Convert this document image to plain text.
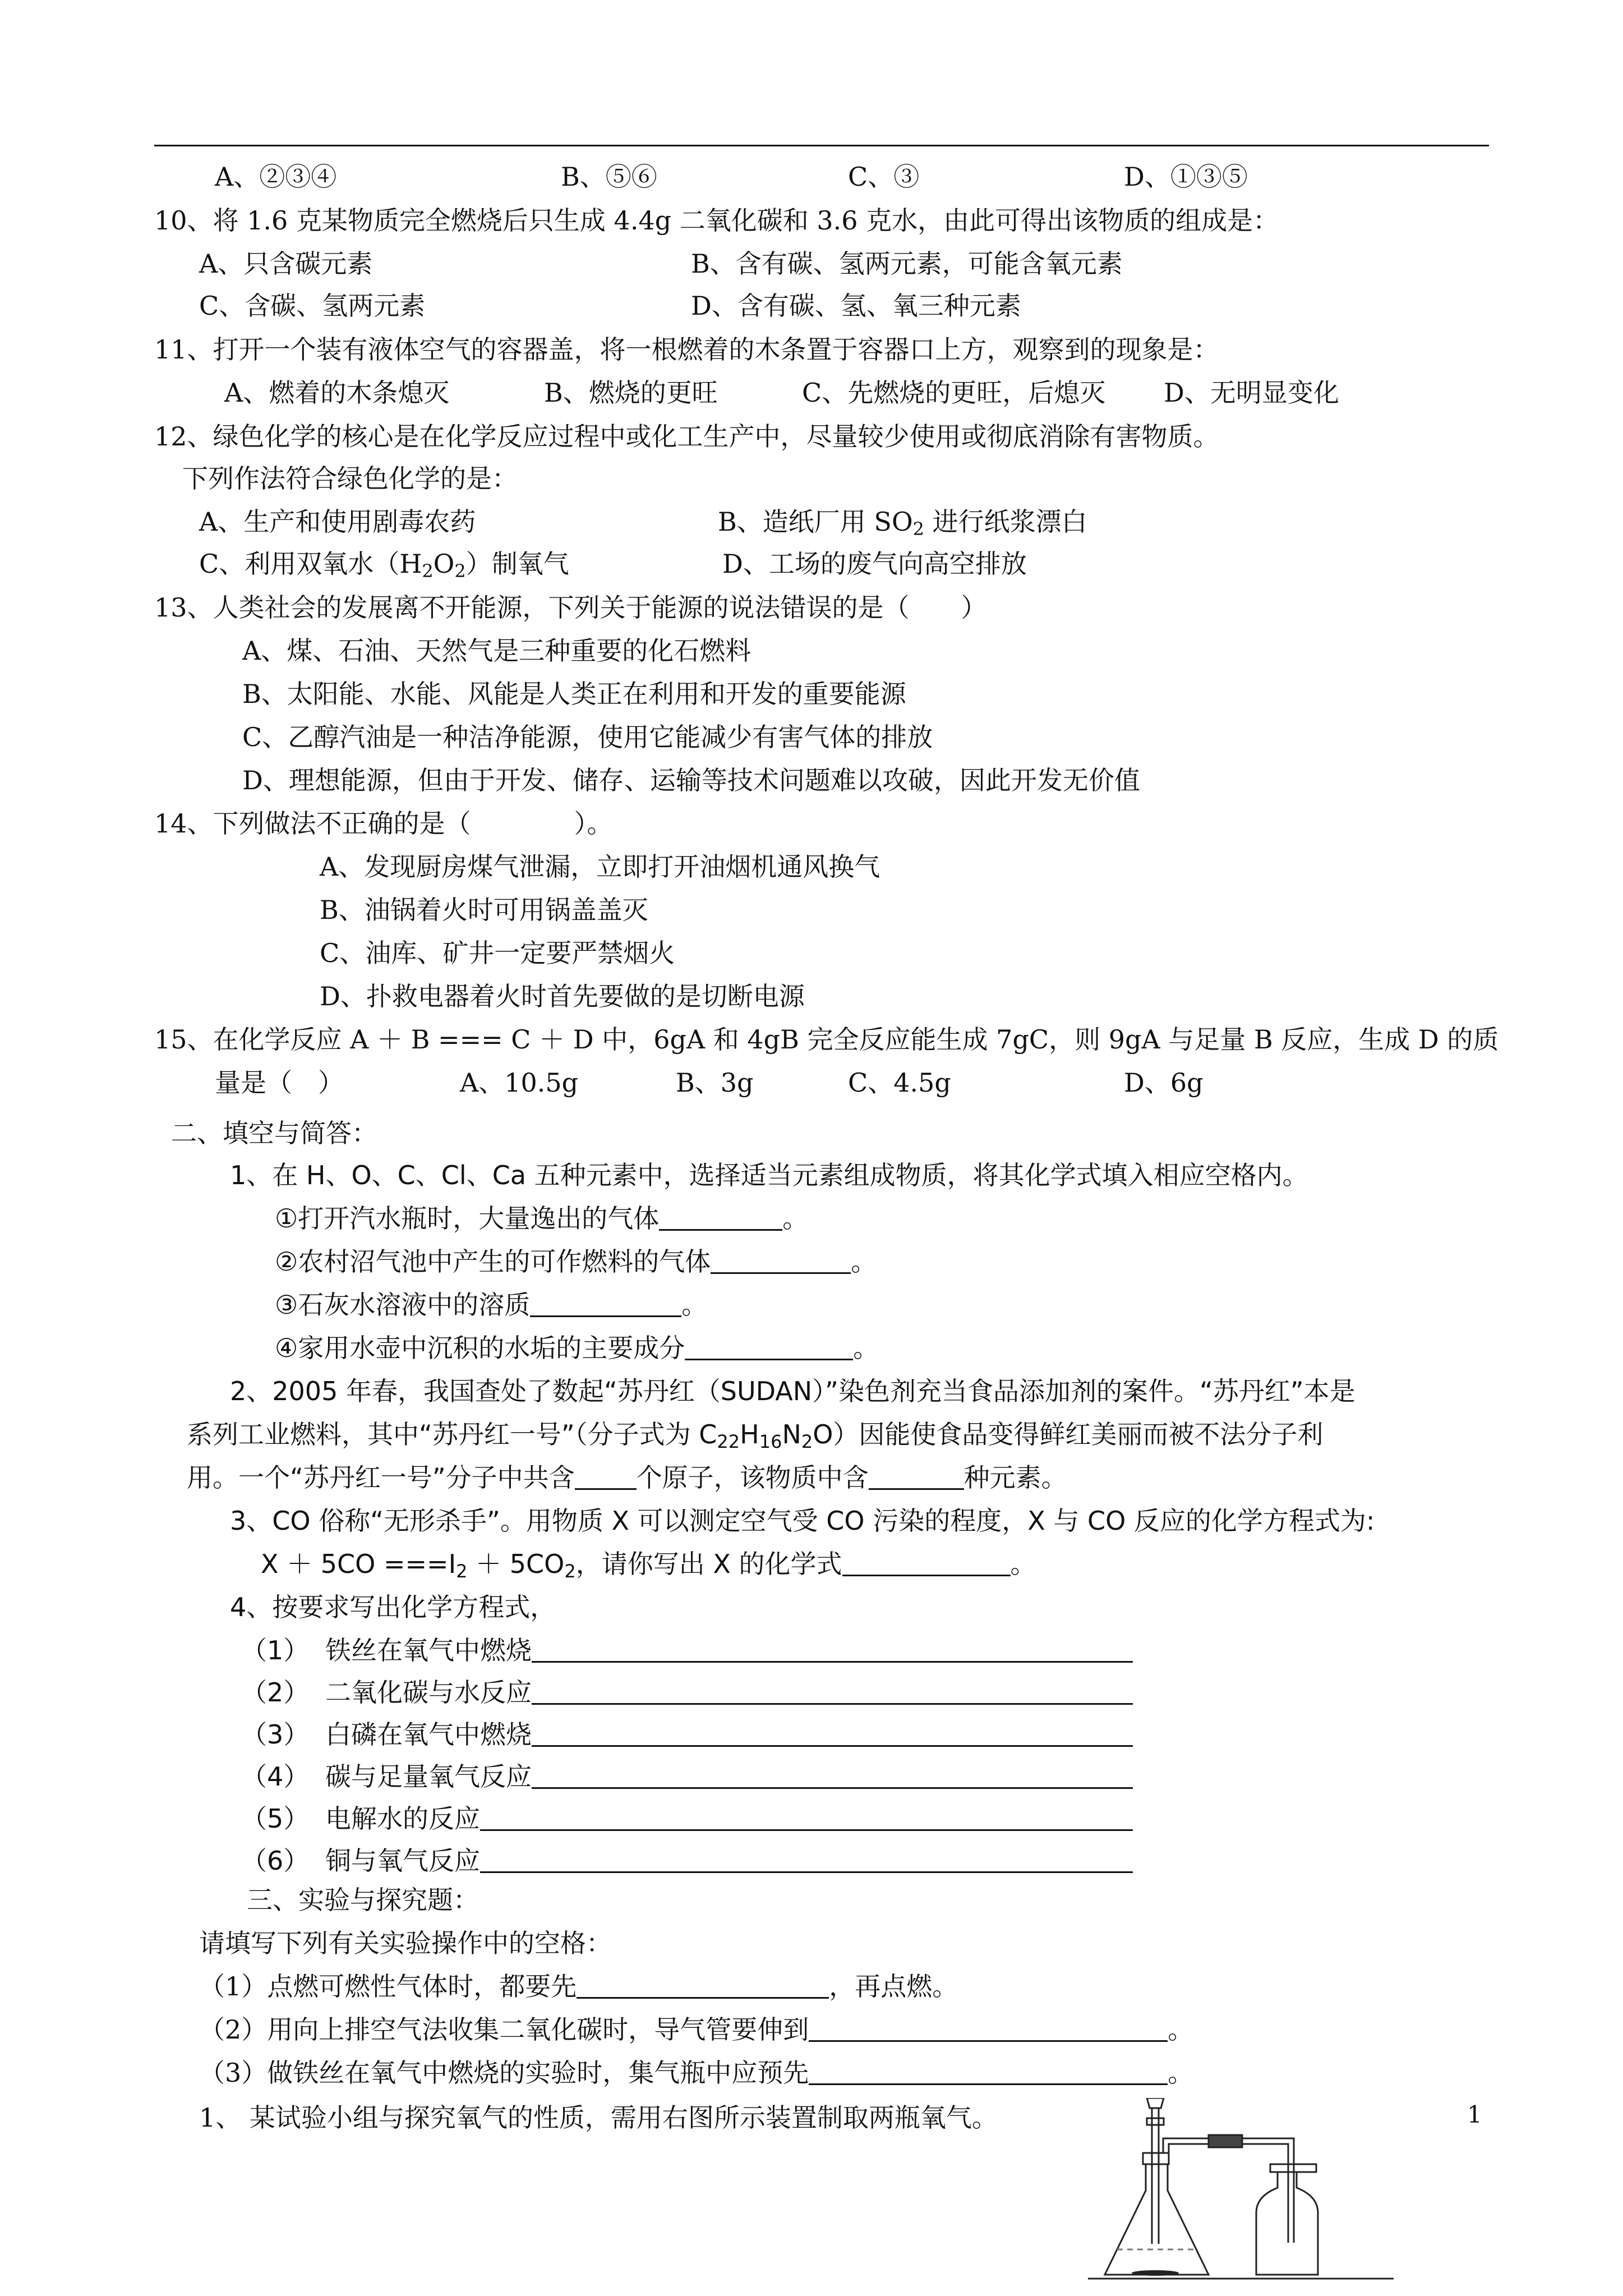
A、②③④	B、⑤⑥	C、③	D、①③⑤
10、将 1.6 克某物质完全燃烧后只生成 4.4g 二氧化碳和 3.6 克水，由此可得出该物质的组成是：
A、只含碳元素	B、含有碳、氢两元素，可能含氧元素
C、含碳、氢两元素	D、含有碳、氢、氧三种元素
11、打开一个装有液体空气的容器盖，将一根燃着的木条置于容器口上方，观察到的现象是：
A、燃着的木条熄灭	B、燃烧的更旺	C、先燃烧的更旺，后熄灭 D、无明显变化
12、绿色化学的核心是在化学反应过程中或化工生产中，尽量较少使用或彻底消除有害物质。
下列作法符合绿色化学的是：
A、生产和使用剧毒农药	B、造纸厂用 $SO_2$ 进行纸浆漂白
C、利用双氧水$(H_2O_2)$制氧气	D、工场的废气向高空排放
13、人类社会的发展离不开能源，下列关于能源的说法错误的是（　　）
A、煤、石油、天然气是三种重要的化石燃料
B、太阳能、水能、风能是人类正在利用和开发的重要能源
C、乙醇汽油是一种洁净能源，使用它能减少有害气体的排放
D、理想能源，但由于开发、储存、运输等技术问题难以攻破，因此开发无价值
14、下列做法不正确的是（　　　　）。
A、发现厨房煤气泄漏，立即打开油烟机通风换气
B、油锅着火时可用锅盖盖灭
C、油库、矿井一定要严禁烟火
D、扑救电器着火时首先要做的是切断电源
15、在化学反应 A ＋ B === C ＋ D 中，6gA 和 4gB 完全反应能生成 7gC，则 9gA 与足量 B 反应，生成 D 的质
量是（　）	A、10.5g	B、3g	C、4.5g	D、6g
二、填空与简答：
1、在 H、O、C、Cl、Ca 五种元素中，选择适当元素组成物质，将其化学式填入相应空格内。
①打开汽水瓶时，大量逸出的气体	。
②农村沼气池中产生的可作燃料的气体	。
③石灰水溶液中的溶质	。
④家用水壶中沉积的水垢的主要成分	。
2、2005 年春，我国查处了数起“苏丹红（SUDAN）”染色剂充当食品添加剂的案件。“苏丹红”本是
系列工业燃料，其中“苏丹红一号”（分子式为 $C_{22}H_{16}N_2O$）因能使食品变得鲜红美丽而被不法分子利
用。一个“苏丹红一号”分子中共含 个原子，该物质中含	种元素。
3、CO 俗称“无形杀手”。用物质 X 可以测定空气受 CO 污染的程度，X 与 CO 反应的化学方程式为:
$X + 5CO ===I_2 + 5CO_2$，请你写出 X 的化学式	。
4、按要求写出化学方程式，
（1） 铁丝在氧气中燃烧
（2） 二氧化碳与水反应
（3） 白磷在氧气中燃烧
（4） 碳与足量氧气反应
（5） 电解水的反应
（6） 铜与氧气反应
三、实验与探究题：
请填写下列有关实验操作中的空格：
（1）点燃可燃性气体时，都要先	，再点燃。
（2）用向上排空气法收集二氧化碳时，导气管要伸到	。
（3）做铁丝在氧气中燃烧的实验时，集气瓶中应预先	。
1、 某试验小组与探究氧气的性质，需用右图所示装置制取两瓶氧气。	1
